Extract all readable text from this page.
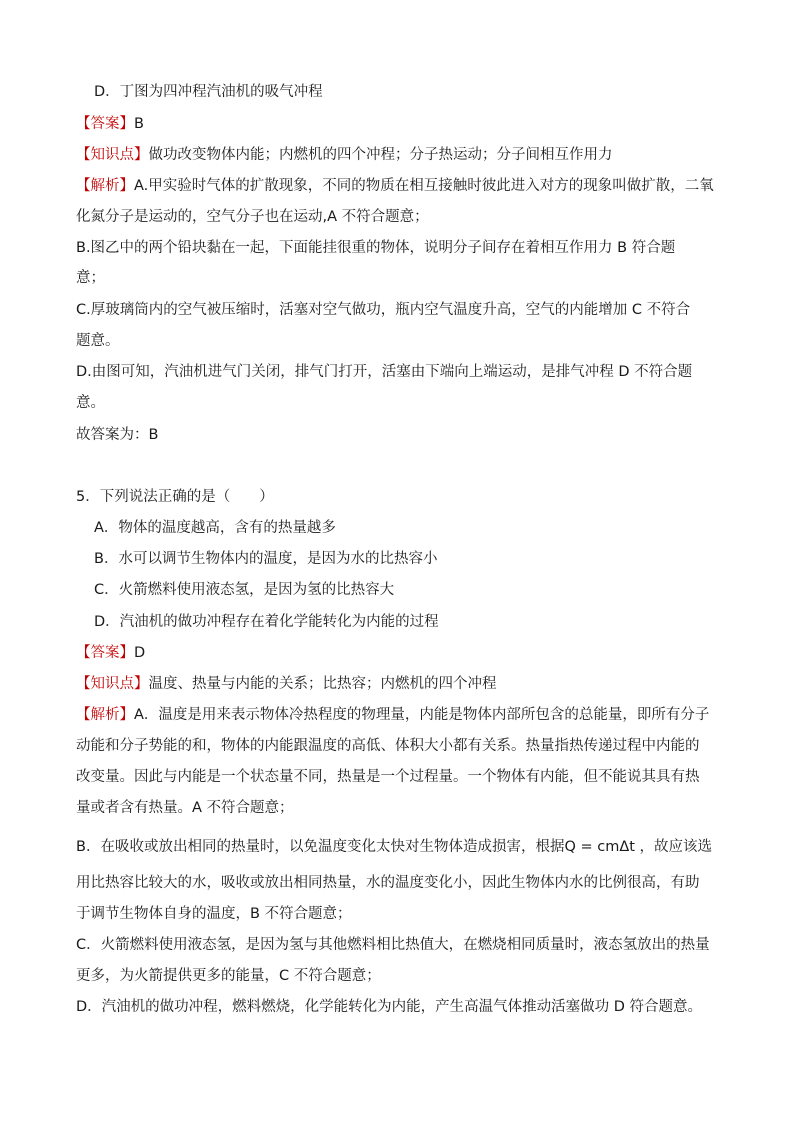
D．丁图为四冲程汽油机的吸气冲程
【答案】B
【知识点】做功改变物体内能；内燃机的四个冲程；分子热运动；分子间相互作用力
【解析】A.甲实验时气体的扩散现象，不同的物质在相互接触时彼此进入对方的现象叫做扩散，二氧
化氮分子是运动的，空气分子也在运动,A 不符合题意；
B.图乙中的两个铅块黏在一起，下面能挂很重的物体，说明分子间存在着相互作用力 B 符合题
意；
C.厚玻璃筒内的空气被压缩时，活塞对空气做功，瓶内空气温度升高，空气的内能增加 C 不符合
题意。
D.由图可知，汽油机进气门关闭，排气门打开，活塞由下端向上端运动，是排气冲程 D 不符合题
意。
故答案为：B
5．下列说法正确的是（　　）
A．物体的温度越高，含有的热量越多
B．水可以调节生物体内的温度，是因为水的比热容小
C．火箭燃料使用液态氢，是因为氢的比热容大
D．汽油机的做功冲程存在着化学能转化为内能的过程
【答案】D
【知识点】温度、热量与内能的关系；比热容；内燃机的四个冲程
【解析】A．温度是用来表示物体冷热程度的物理量，内能是物体内部所包含的总能量，即所有分子
动能和分子势能的和，物体的内能跟温度的高低、体积大小都有关系。热量指热传递过程中内能的
改变量。因此与内能是一个状态量不同，热量是一个过程量。一个物体有内能，但不能说其具有热
量或者含有热量。A 不符合题意；
B．在吸收或放出相同的热量时，以免温度变化太快对生物体造成损害，根据Q = cmΔt ，故应该选
用比热容比较大的水，吸收或放出相同热量，水的温度变化小，因此生物体内水的比例很高，有助
于调节生物体自身的温度，B 不符合题意；
C．火箭燃料使用液态氢，是因为氢与其他燃料相比热值大，在燃烧相同质量时，液态氢放出的热量
更多，为火箭提供更多的能量，C 不符合题意；
D．汽油机的做功冲程，燃料燃烧，化学能转化为内能，产生高温气体推动活塞做功 D 符合题意。
